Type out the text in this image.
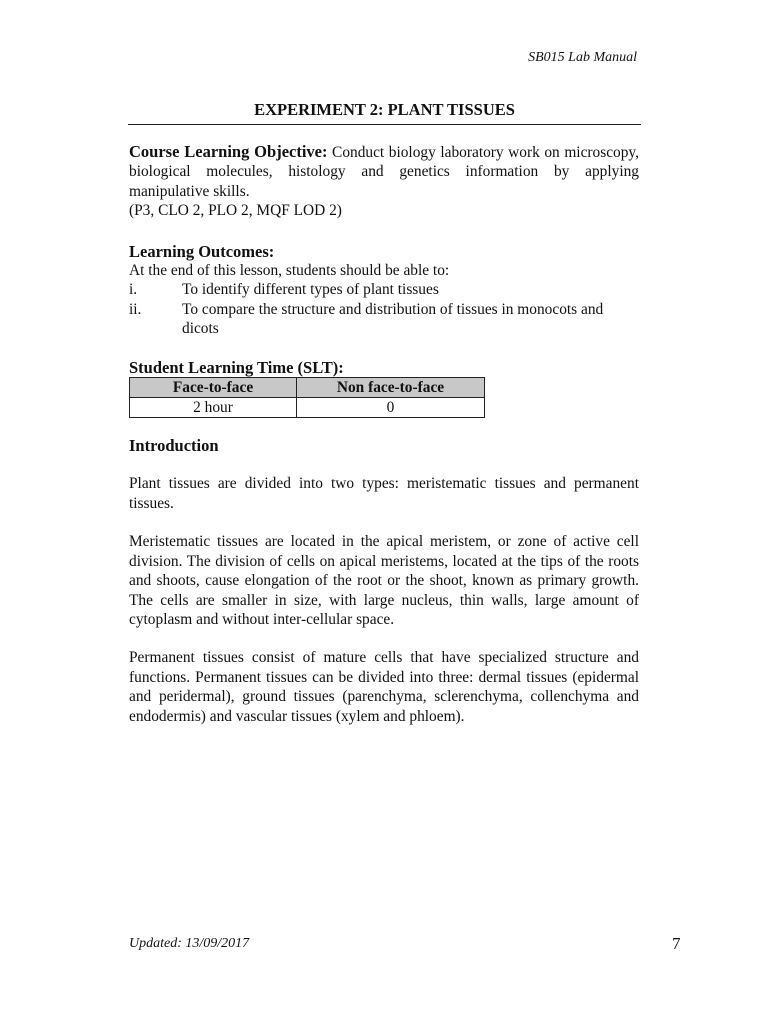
SB015 Lab Manual
EXPERIMENT 2: PLANT TISSUES
Course Learning Objective: Conduct biology laboratory work on microscopy, biological molecules, histology and genetics information by applying manipulative skills.
(P3, CLO 2, PLO 2, MQF LOD 2)
Learning Outcomes:
At the end of this lesson, students should be able to:
i.	To identify different types of plant tissues
ii.	To compare the structure and distribution of tissues in monocots and dicots
Student Learning Time (SLT):
Face-to-face	Non face-to-face
2 hour	0
Introduction

Plant tissues are divided into two types: meristematic tissues and permanent tissues.

Meristematic tissues are located in the apical meristem, or zone of active cell division. The division of cells on apical meristems, located at the tips of the roots and shoots, cause elongation of the root or the shoot, known as primary growth. The cells are smaller in size, with large nucleus, thin walls, large amount of cytoplasm and without inter-cellular space.

Permanent tissues consist of mature cells that have specialized structure and functions. Permanent tissues can be divided into three: dermal tissues (epidermal and peridermal), ground tissues (parenchyma, sclerenchyma, collenchyma and endodermis) and vascular tissues (xylem and phloem).

Updated: 13/09/2017	7
